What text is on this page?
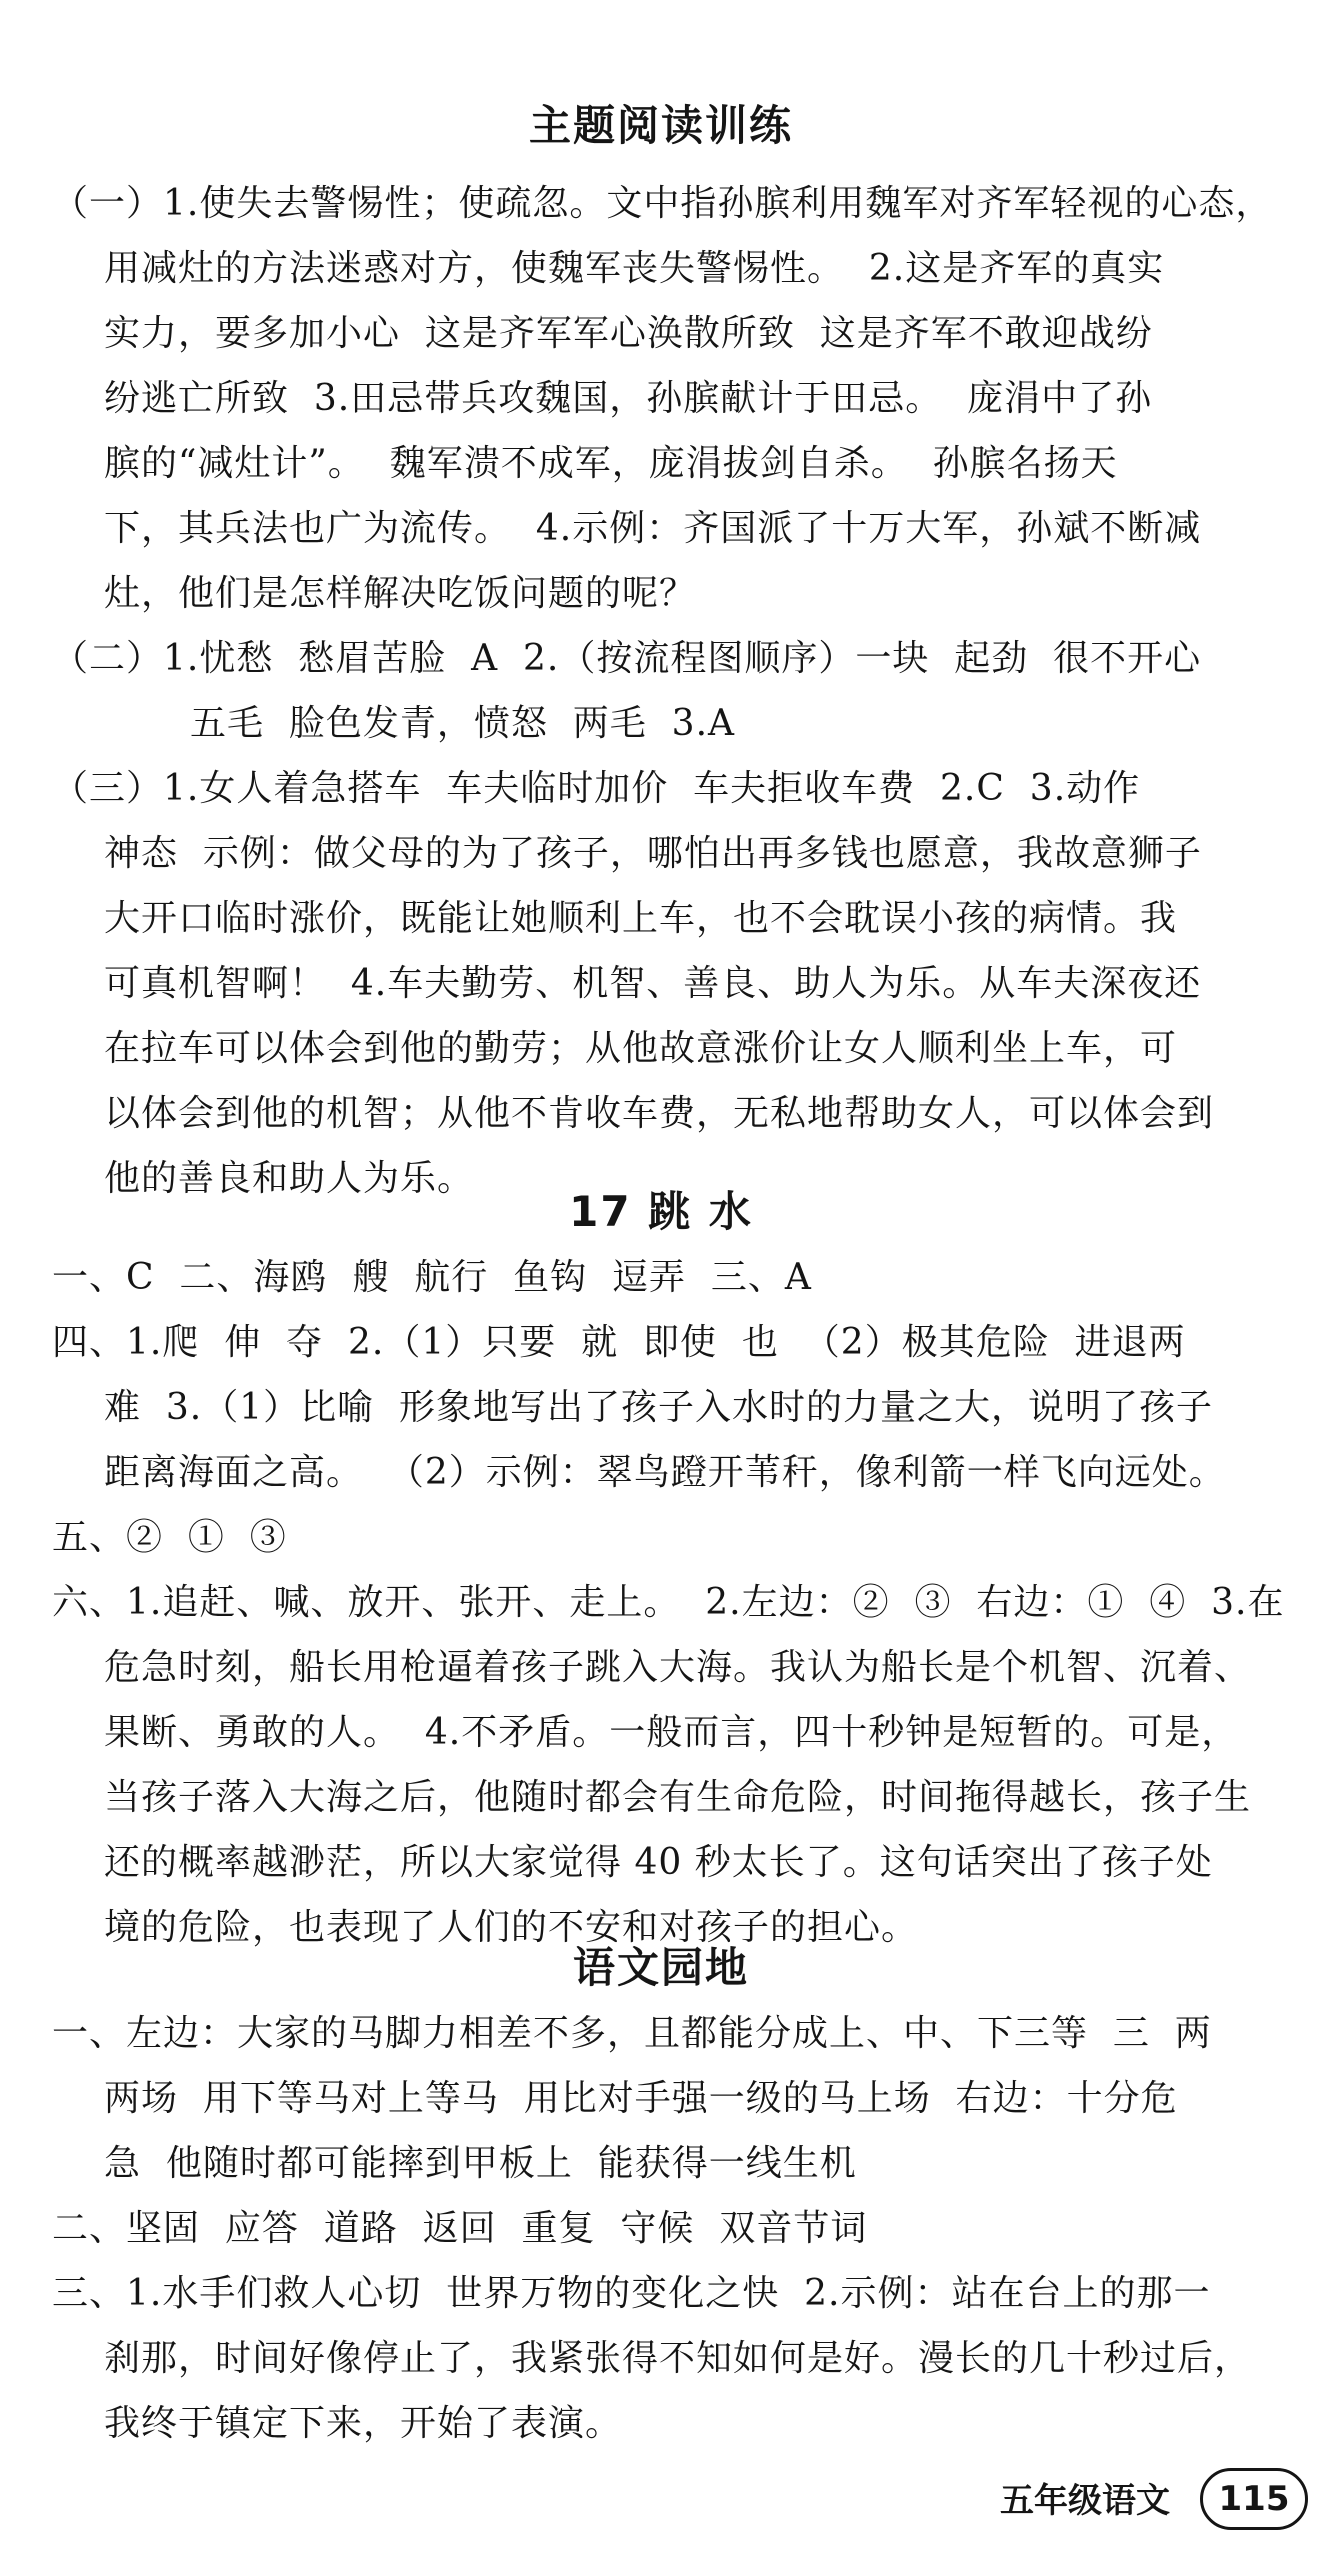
主题阅读训练
（一）1.使失去警惕性；使疏忽。文中指孙膑利用魏军对齐军轻视的心态，
用减灶的方法迷惑对方，使魏军丧失警惕性。  2.这是齐军的真实
实力，要多加小心  这是齐军军心涣散所致  这是齐军不敢迎战纷
纷逃亡所致  3.田忌带兵攻魏国，孙膑献计于田忌。  庞涓中了孙
膑的“减灶计”。  魏军溃不成军，庞涓拔剑自杀。  孙膑名扬天
下，其兵法也广为流传。  4.示例：齐国派了十万大军，孙斌不断减
灶，他们是怎样解决吃饭问题的呢？
（二）1.忧愁  愁眉苦脸  A  2.（按流程图顺序）一块  起劲  很不开心
五毛  脸色发青，愤怒  两毛  3.A
（三）1.女人着急搭车  车夫临时加价  车夫拒收车费  2.C  3.动作
神态  示例：做父母的为了孩子，哪怕出再多钱也愿意，我故意狮子
大开口临时涨价，既能让她顺利上车，也不会耽误小孩的病情。我
可真机智啊！  4.车夫勤劳、机智、善良、助人为乐。从车夫深夜还
在拉车可以体会到他的勤劳；从他故意涨价让女人顺利坐上车，可
以体会到他的机智；从他不肯收车费，无私地帮助女人，可以体会到
他的善良和助人为乐。
17 跳 水
一、C  二、海鸥  艘  航行  鱼钩  逗弄  三、A
四、1.爬  伸  夺  2.（1）只要  就  即使  也  （2）极其危险  进退两
难  3.（1）比喻  形象地写出了孩子入水时的力量之大，说明了孩子
距离海面之高。  （2）示例：翠鸟蹬开苇秆，像利箭一样飞向远处。
五、②  ①  ③
六、1.追赶、喊、放开、张开、走上。  2.左边：②  ③  右边：①  ④  3.在
危急时刻，船长用枪逼着孩子跳入大海。我认为船长是个机智、沉着、
果断、勇敢的人。  4.不矛盾。一般而言，四十秒钟是短暂的。可是，
当孩子落入大海之后，他随时都会有生命危险，时间拖得越长，孩子生
还的概率越渺茫，所以大家觉得 40 秒太长了。这句话突出了孩子处
境的危险，也表现了人们的不安和对孩子的担心。
语文园地
一、左边：大家的马脚力相差不多，且都能分成上、中、下三等  三  两
两场  用下等马对上等马  用比对手强一级的马上场  右边：十分危
急  他随时都可能摔到甲板上  能获得一线生机
二、坚固  应答  道路  返回  重复  守候  双音节词
三、1.水手们救人心切  世界万物的变化之快  2.示例：站在台上的那一
刹那，时间好像停止了，我紧张得不知如何是好。漫长的几十秒过后，
我终于镇定下来，开始了表演。
五年级语文	115
